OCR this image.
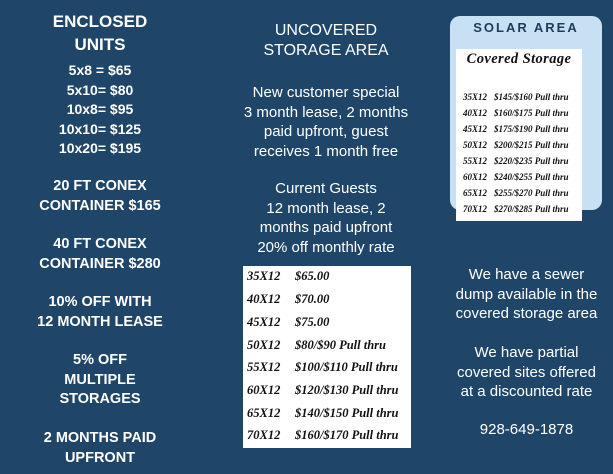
ENCLOSED
UNITS
5x8 = $65
5x10= $80
10x8= $95
10x10= $125
10x20= $195
20 FT CONEX
CONTAINER $165
40 FT CONEX
CONTAINER $280
10% OFF WITH
12 MONTH LEASE
5% OFF
MULTIPLE
STORAGES
2 MONTHS PAID
UPFRONT
UNCOVERED
STORAGE AREA
New customer special
3 month lease, 2 months
paid upfront, guest
receives 1 month free
Current Guests
12 month lease, 2
months paid upfront
20% off monthly rate
35X12 $65.00
40X12 $70.00
45X12 $75.00
50X12 $80/$90 Pull thru
55X12 $100/$110 Pull thru
60X12 $120/$130 Pull thru
65X12 $140/$150 Pull thru
70X12 $160/$170 Pull thru
SOLAR AREA
Covered Storage
35X12 $145/$160 Pull thru
40X12 $160/$175 Pull thru
45X12 $175/$190 Pull thru
50X12 $200/$215 Pull thru
55X12 $220/$235 Pull thru
60X12 $240/$255 Pull thru
65X12 $255/$270 Pull thru
70X12 $270/$285 Pull thru
We have a sewer
dump available in the
covered storage area
We have partial
covered sites offered
at a discounted rate
928-649-1878
